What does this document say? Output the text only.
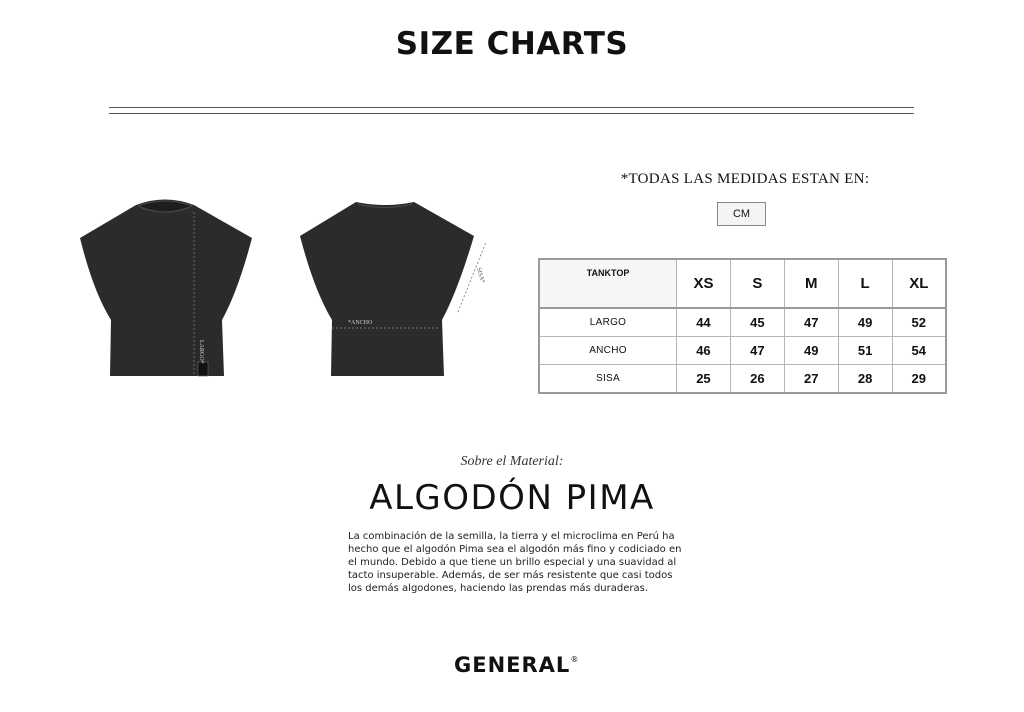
SIZE CHARTS
LARGO*
*ANCHO
SISA*
*TODAS LAS MEDIDAS ESTAN EN:
CM
TANKTOP	XS	S	M	L	XL
LARGO	44	45	47	49	52
ANCHO	46	47	49	51	54
SISA	25	26	27	28	29
Sobre el Material:
ALGODÓN PIMA
La combinación de la semilla, la tierra y el microclima en Perú ha hecho que el algodón Pima sea el algodón más fino y codiciado en el mundo. Debido a que tiene un brillo especial y una suavidad al tacto insuperable. Además, de ser más resistente que casi todos los demás algodones, haciendo las prendas más duraderas.
GENERAL®
